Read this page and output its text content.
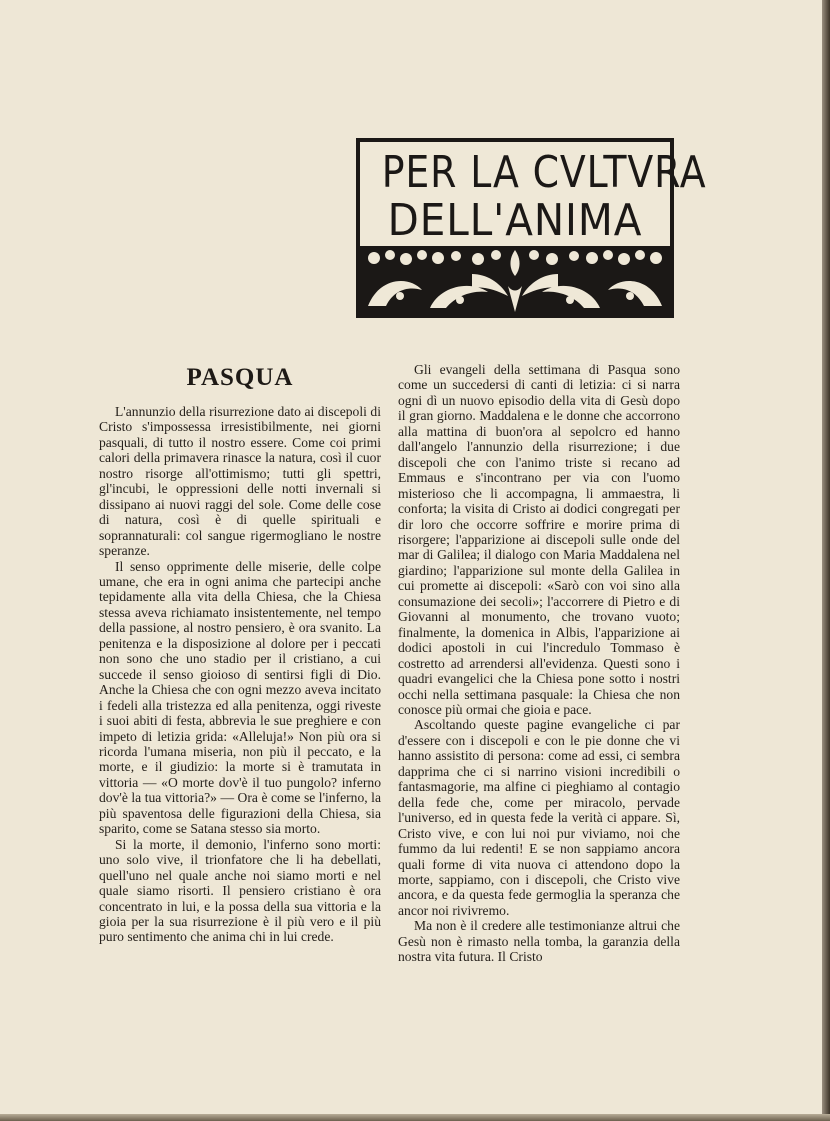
PER LA CVLTVRA
DELL'ANIMA
PASQUA

L'annunzio della risurrezione dato ai discepoli di Cristo s'impossessa irresistibilmente, nei giorni pasquali, di tutto il nostro essere. Come coi primi calori della primavera rinasce la natura, così il cuor nostro risorge all'ottimismo; tutti gli spettri, gl'incubi, le oppressioni delle notti invernali si dissipano ai nuovi raggi del sole. Come delle cose di natura, così è di quelle spirituali e soprannaturali: col sangue rigermogliano le nostre speranze.

Il senso opprimente delle miserie, delle colpe umane, che era in ogni anima che partecipi anche tepidamente alla vita della Chiesa, che la Chiesa stessa aveva richiamato insistentemente, nel tempo della passione, al nostro pensiero, è ora svanito. La penitenza e la disposizione al dolore per i peccati non sono che uno stadio per il cristiano, a cui succede il senso gioioso di sentirsi figli di Dio. Anche la Chiesa che con ogni mezzo aveva incitato i fedeli alla tristezza ed alla penitenza, oggi riveste i suoi abiti di festa, abbrevia le sue preghiere e con impeto di letizia grida: «Alleluja!» Non più ora si ricorda l'umana miseria, non più il peccato, e la morte, e il giudizio: la morte si è tramutata in vittoria — «O morte dov'è il tuo pungolo? inferno dov'è la tua vittoria?» — Ora è come se l'inferno, la più spaventosa delle figurazioni della Chiesa, sia sparito, come se Satana stesso sia morto.

Si la morte, il demonio, l'inferno sono morti: uno solo vive, il trionfatore che li ha debellati, quell'uno nel quale anche noi siamo morti e nel quale siamo risorti. Il pensiero cristiano è ora concentrato in lui, e la possa della sua vittoria e la gioia per la sua risurrezione è il più vero e il più puro sentimento che anima chi in lui crede.

Gli evangeli della settimana di Pasqua sono come un succedersi di canti di letizia: ci si narra ogni dì un nuovo episodio della vita di Gesù dopo il gran giorno. Maddalena e le donne che accorrono alla mattina di buon'ora al sepolcro ed hanno dall'angelo l'annunzio della risurrezione; i due discepoli che con l'animo triste si recano ad Emmaus e s'incontrano per via con l'uomo misterioso che li accompagna, li ammaestra, li conforta; la visita di Cristo ai dodici congregati per dir loro che occorre soffrire e morire prima di risorgere; l'apparizione ai discepoli sulle onde del mar di Galilea; il dialogo con Maria Maddalena nel giardino; l'apparizione sul monte della Galilea in cui promette ai discepoli: «Sarò con voi sino alla consumazione dei secoli»; l'accorrere di Pietro e di Giovanni al monumento, che trovano vuoto; finalmente, la domenica in Albis, l'apparizione ai dodici apostoli in cui l'incredulo Tommaso è costretto ad arrendersi all'evidenza. Questi sono i quadri evangelici che la Chiesa pone sotto i nostri occhi nella settimana pasquale: la Chiesa che non conosce più ormai che gioia e pace.

Ascoltando queste pagine evangeliche ci par d'essere con i discepoli e con le pie donne che vi hanno assistito di persona: come ad essi, ci sembra dapprima che ci si narrino visioni incredibili o fantasmagorie, ma alfine ci pieghiamo al contagio della fede che, come per miracolo, pervade l'universo, ed in questa fede la verità ci appare. Sì, Cristo vive, e con lui noi pur viviamo, noi che fummo da lui redenti! E se non sappiamo ancora quali forme di vita nuova ci attendono dopo la morte, sappiamo, con i discepoli, che Cristo vive ancora, e da questa fede germoglia la speranza che ancor noi rivivremo.

Ma non è il credere alle testimonianze altrui che Gesù non è rimasto nella tomba, la garanzia della nostra vita futura. Il Cristo
